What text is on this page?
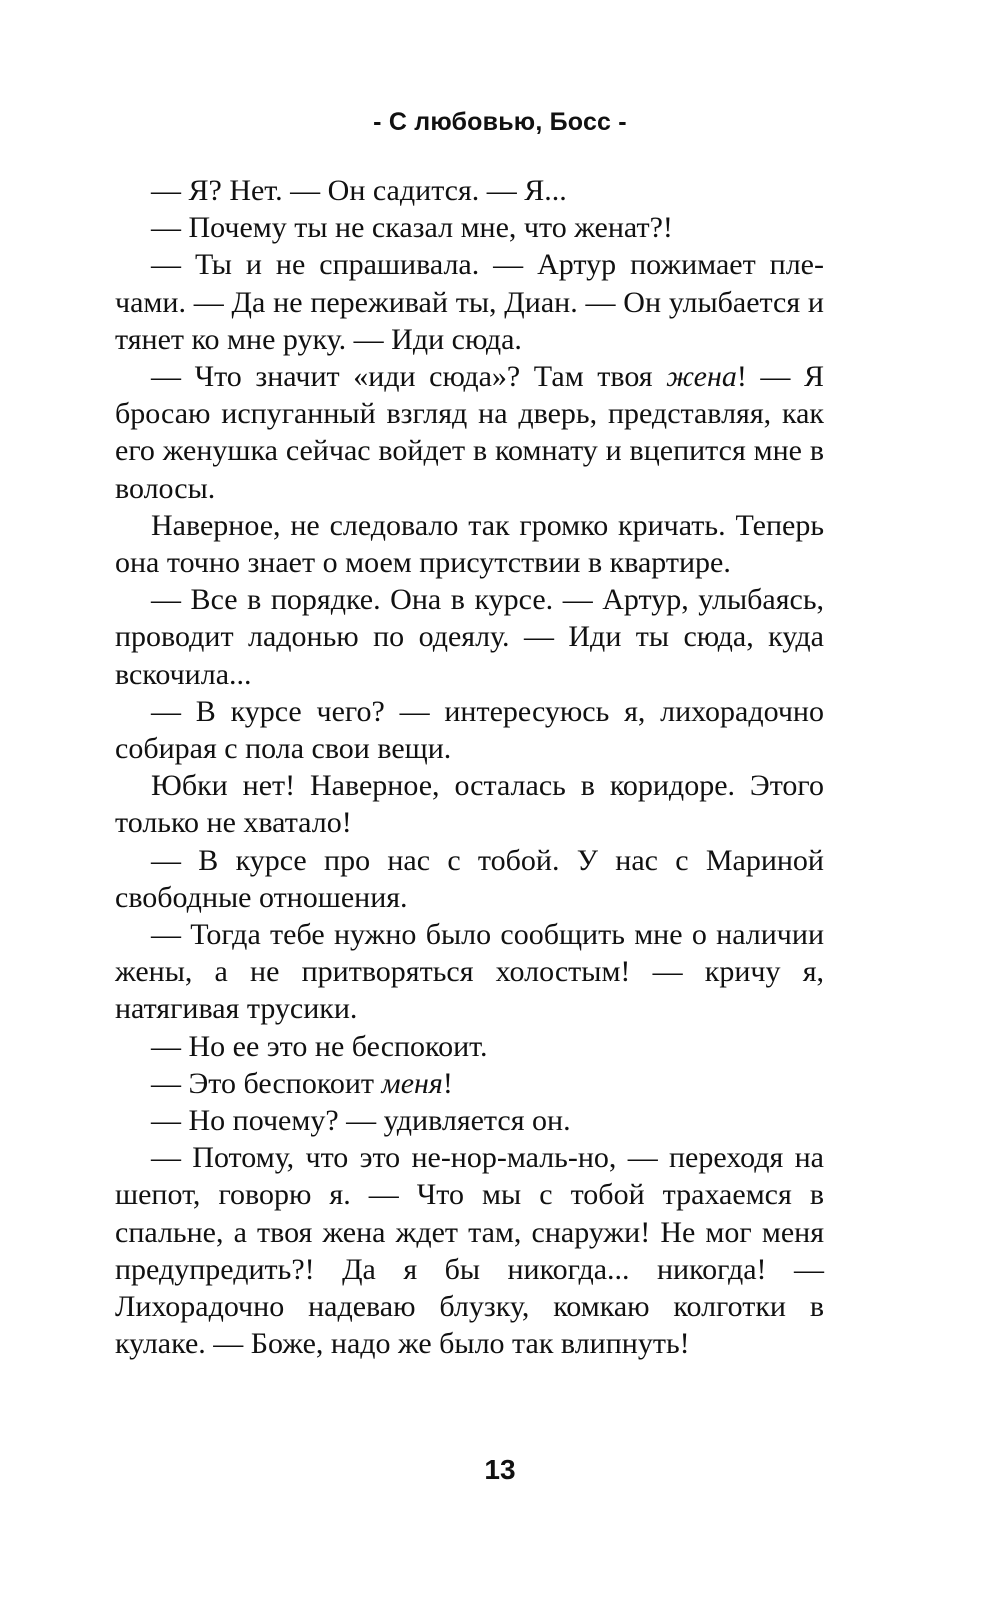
- С любовью, Босс -

— Я? Нет. — Он садится. — Я...

— Почему ты не сказал мне, что женат?!

— Ты и не спрашивала. — Артур пожимает плечами. — Да не переживай ты, Диан. — Он улыбается и тянет ко мне руку. — Иди сюда.

— Что значит «иди сюда»? Там твоя жена! — Я бросаю испуганный взгляд на дверь, представляя, как его женушка сейчас войдет в комнату и вцепится мне в волосы.

Наверное, не следовало так громко кричать. Теперь она точно знает о моем присутствии в квартире.

— Все в порядке. Она в курсе. — Артур, улыбаясь, проводит ладонью по одеялу. — Иди ты сюда, куда вскочила...

— В курсе чего? — интересуюсь я, лихорадочно собирая с пола свои вещи.

Юбки нет! Наверное, осталась в коридоре. Этого только не хватало!

— В курсе про нас с тобой. У нас с Мариной свободные отношения.

— Тогда тебе нужно было сообщить мне о наличии жены, а не притворяться холостым! — кричу я, натягивая трусики.

— Но ее это не беспокоит.

— Это беспокоит меня!

— Но почему? — удивляется он.

— Потому, что это не-нор-маль-но, — переходя на шепот, говорю я. — Что мы с тобой трахаемся в спальне, а твоя жена ждет там, снаружи! Не мог меня предупредить?! Да я бы никогда... никогда! — Лихорадочно надеваю блузку, комкаю колготки в кулаке. — Боже, надо же было так влипнуть!

13
